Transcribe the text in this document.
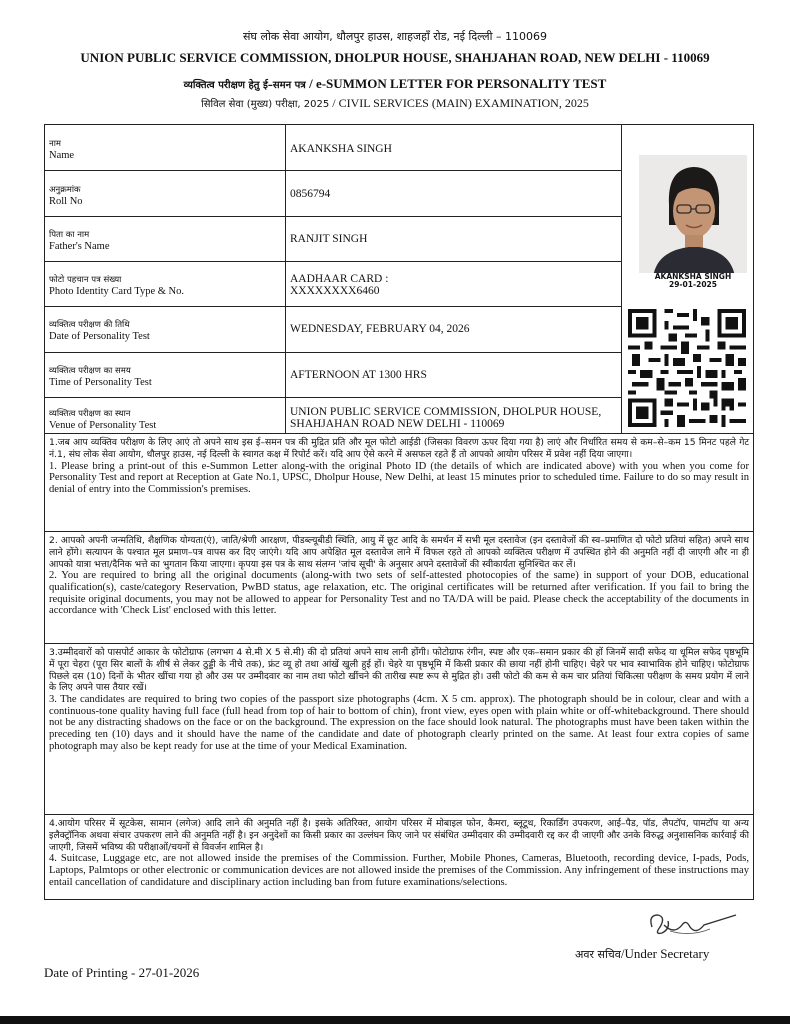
संघ लोक सेवा आयोग, धौलपुर हाउस, शाहजहाँ रोड, नई दिल्ली – 110069
UNION PUBLIC SERVICE COMMISSION, DHOLPUR HOUSE, SHAHJAHAN ROAD, NEW DELHI - 110069
व्यक्तित्व परीक्षण हेतु ई–समन पत्र / e-SUMMON LETTER FOR PERSONALITY TEST
सिविल सेवा (मुख्य) परीक्षा, 2025 / CIVIL SERVICES (MAIN) EXAMINATION, 2025
नाम
Name
AKANKSHA SINGH
अनुक्रमांक
Roll No
0856794
पिता का नाम
Father's Name
RANJIT SINGH
फोटो पहचान पत्र संख्या
Photo Identity Card Type & No.
AADHAAR CARD :
XXXXXXXX6460
व्यक्तित्व परीक्षण की तिथि
Date of Personality Test
WEDNESDAY, FEBRUARY 04, 2026
व्यक्तित्व परीक्षण का समय
Time of Personality Test
AFTERNOON AT 1300 HRS
व्यक्तित्व परीक्षण का स्थान
Venue of Personality Test
UNION PUBLIC SERVICE COMMISSION, DHOLPUR HOUSE, SHAHJAHAN ROAD NEW DELHI - 110069
AKANKSHA SINGH
29-01-2025
1.जब आप व्यक्तिव परीक्षण के लिए आएं तो अपने साथ इस ई–समन पत्र की मुद्रित प्रति और मूल फोटो आईडी (जिसका विवरण ऊपर दिया गया है) लाएं और निर्धारित समय से कम–से–कम 15 मिनट पहले गेट नं.1, संघ लोक सेवा आयोग, धौलपुर हाउस, नई दिल्ली के स्वागत कक्ष में रिपोर्ट करें। यदि आप ऐसे करने में असफल रहते हैं तो आपको आयोग परिसर में प्रवेश नहीं दिया जाएगा।
1. Please bring a print-out of this e-Summon Letter along-with the original Photo ID (the details of which are indicated above) with you when you come for Personality Test and report at Reception at Gate No.1, UPSC, Dholpur House, New Delhi, at least 15 minutes prior to scheduled time. Failure to do so may result in denial of entry into the Commission's premises.
2. आपको अपनी जन्मतिथि, शैक्षणिक योग्यता(एं), जाति/श्रेणी आरक्षण, पीडब्ल्यूबीडी स्थिति, आयु में छूट आदि के समर्थन में सभी मूल दस्तावेज (इन दस्तावेजों की स्व–प्रमाणित दो फोटो प्रतियां सहित) अपने साथ लाने होंगे। सत्यापन के पश्चात मूल प्रमाण–पत्र वापस कर दिए जाएंगे। यदि आप अपेक्षित मूल दस्तावेज लाने में विफल रहते तो आपको व्यक्तित्व परीक्षण में उपस्थित होने की अनुमति नहीं दी जाएगी और ना ही आपको यात्रा भत्ता/दैनिक भत्ते का भुगतान किया जाएगा। कृपया इस पत्र के साथ संलग्न 'जांच सूची' के अनुसार अपने दस्तावेजों की स्वीकार्यता सुनिश्चित कर लें।
2. You are required to bring all the original documents (along-with two sets of self-attested photocopies of the same) in support of your DOB, educational qualification(s), caste/category Reservation, PwBD status, age relaxation, etc. The original certificates will be returned after verification. If you fail to bring the requisite original documents, you may not be allowed to appear for Personality Test and no TA/DA will be paid. Please check the acceptability of the documents in accordance with 'Check List' enclosed with this letter.
3.उम्मीदवारों को पासपोर्ट आकार के फोटोग्राफ (लगभग 4 से.मी X 5 से.मी) की दो प्रतियां अपने साथ लानी होंगी। फोटोग्राफ रंगीन, स्पष्ट और एक–समान प्रकार की हों जिनमें सादी सफेद या धूमिल सफेद पृष्ठभूमि में पूरा चेहरा (पूरा सिर बालों के शीर्ष से लेकर ठुड्डी के नीचे तक), फ्रंट व्यू हो तथा आंखें खुली हुई हों। चेहरे या पृष्ठभूमि में किसी प्रकार की छाया नहीं होनी चाहिए। चेहरे पर भाव स्वाभाविक होने चाहिए। फोटोग्राफ पिछले दस (10) दिनों के भीतर खींचा गया हो और उस पर उम्मीदवार का नाम तथा फोटो खींचने की तारीख स्पष्ट रूप से मुद्रित हो। उसी फोटो की कम से कम चार प्रतियां चिकित्सा परीक्षण के समय प्रयोग में लाने के लिए अपने पास तैयार रखें।
3. The candidates are required to bring two copies of the passport size photographs (4cm. X 5 cm. approx). The photograph should be in colour, clear and with a continuous-tone quality having full face (full head from top of hair to bottom of chin), front view, eyes open with plain white or off-whitebackground. There should not be any distracting shadows on the face or on the background. The expression on the face should look natural. The photographs must have been taken within the preceding ten (10) days and it should have the name of the candidate and date of photograph clearly printed on the same. At least four extra copies of same photograph may also be kept ready for use at the time of your Medical Examination.
4.आयोग परिसर में सूटकेस, सामान (लगेज) आदि लाने की अनुमति नहीं है। इसके अतिरिक्त, आयोग परिसर में मोबाइल फोन, कैमरा, ब्लूटूथ, रिकार्डिंग उपकरण, आई–पैड, पॉड, लैपटॉप, पामटॉप या अन्य इलैक्ट्रॉनिक अथवा संचार उपकरण लाने की अनुमति नहीं है। इन अनुदेशों का किसी प्रकार का उल्लंघन किए जाने पर संबंधित उम्मीदवार की उम्मीदवारी रद्द कर दी जाएगी और उनके विरुद्ध अनुशासनिक कार्रवाई की जाएगी, जिसमें भविष्य की परीक्षाओं/चयनों से विवर्जन शामिल है।
4. Suitcase, Luggage etc, are not allowed inside the premises of the Commission. Further, Mobile Phones, Cameras, Bluetooth, recording device, I-pads, Pods, Laptops, Palmtops or other electronic or communication devices are not allowed inside the premises of the Commission. Any infringement of these instructions may entail cancellation of candidature and disciplinary action including ban from future examinations/selections.
अवर सचिव/Under Secretary
Date of Printing - 27-01-2026
